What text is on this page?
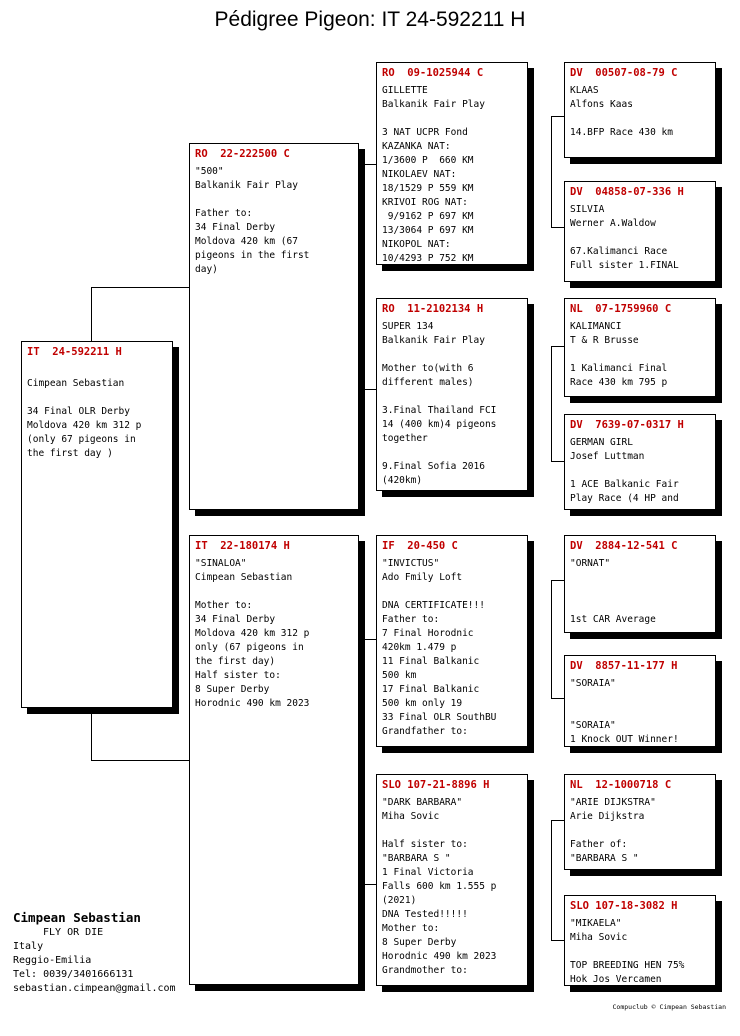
Pédigree Pigeon: IT 24-592211 H
IT  24-592211 H
Cimpean Sebastian
34 Final OLR Derby
Moldova 420 km 312 p
(only 67 pigeons in
the first day )
RO  22-222500 C
"500"
Balkanik Fair Play
Father to:
34 Final Derby
Moldova 420 km (67
pigeons in the first
day)
IT  22-180174 H
"SINALOA"
Cimpean Sebastian
Mother to:
34 Final Derby
Moldova 420 km 312 p
only (67 pigeons in
the first day)
Half sister to:
8 Super Derby
Horodnic 490 km 2023
RO  09-1025944 C
GILLETTE
Balkanik Fair Play
3 NAT UCPR Fond
KAZANKA NAT:
1/3600 P  660 KM
NIKOLAEV NAT:
18/1529 P 559 KM
KRIVOI ROG NAT:
9/9162 P 697 KM
13/3064 P 697 KM
NIKOPOL NAT:
10/4293 P 752 KM
RO  11-2102134 H
SUPER 134
Balkanik Fair Play
Mother to(with 6
different males)
3.Final Thailand FCI
14 (400 km)4 pigeons
together
9.Final Sofia 2016
(420km)
IF  20-450 C
"INVICTUS"
Ado Fmily Loft
DNA CERTIFICATE!!!
Father to:
7 Final Horodnic
420km 1.479 p
11 Final Balkanic
500 km
17 Final Balkanic
500 km only 19
33 Final OLR SouthBU
Grandfather to:
SLO 107-21-8896 H
"DARK BARBARA"
Miha Sovic
Half sister to:
"BARBARA S "
1 Final Victoria
Falls 600 km 1.555 p
(2021)
DNA Tested!!!!!
Mother to:
8 Super Derby
Horodnic 490 km 2023
Grandmother to:
DV  00507-08-79 C
KLAAS
Alfons Kaas
14.BFP Race 430 km
DV  04858-07-336 H
SILVIA
Werner A.Waldow
67.Kalimanci Race
Full sister 1.FINAL
NL  07-1759960 C
KALIMANCI
T & R Brusse
1 Kalimanci Final
Race 430 km 795 p
DV  7639-07-0317 H
GERMAN GIRL
Josef Luttman
1 ACE Balkanic Fair
Play Race (4 HP and
DV  2884-12-541 C
"ORNAT"
1st CAR Average
DV  8857-11-177 H
"SORAIA"
"SORAIA"
1 Knock OUT Winner!
NL  12-1000718 C
"ARIE DIJKSTRA"
Arie Dijkstra
Father of:
"BARBARA S "
SLO 107-18-3082 H
"MIKAELA"
Miha Sovic
TOP BREEDING HEN 75%
Hok Jos Vercamen
Cimpean Sebastian
FLY OR DIE
Italy
Reggio-Emilia
Tel: 0039/3401666131
sebastian.cimpean@gmail.com
Compuclub © Cimpean Sebastian
